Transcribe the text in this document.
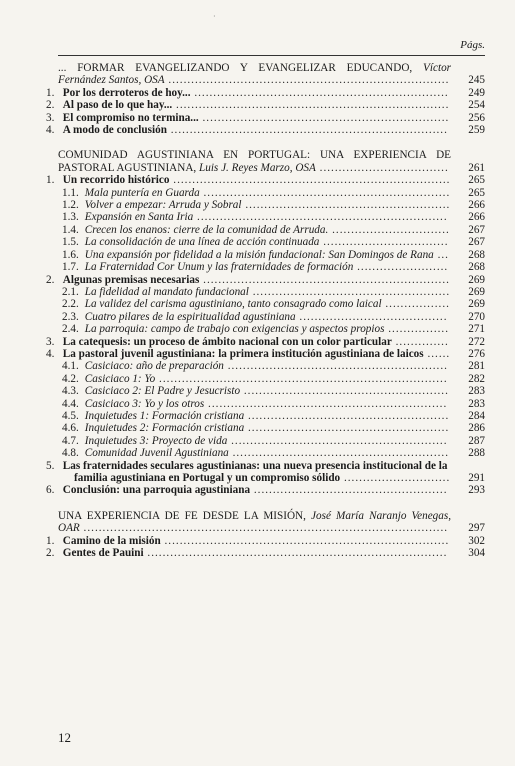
·
Págs.
... FORMAR EVANGELIZANDO Y EVANGELIZAR EDUCANDO, Víctor Fernández Santos, OSA ..........................................................................	245
1. Por los derroteros de hoy... ...................................................................	249
2. Al paso de lo que hay... ........................................................................	254
3. El compromiso no termina... .................................................................	256
4. A modo de conclusión .........................................................................	259
COMUNIDAD AGUSTINIANA EN PORTUGAL: UNA EXPERIENCIA DE PASTORAL AGUSTINIANA, Luis J. Reyes Marzo, OSA ..................................	261
1. Un recorrido histórico .........................................................................	265
1.1. Mala puntería en Guarda .................................................................	265
1.2. Volver a empezar: Arruda y Sobral ......................................................	266
1.3. Expansión en Santa Iria ..................................................................	266
1.4. Crecen los enanos: cierre de la comunidad de Arruda. ...............................	267
1.5. La consolidación de una línea de acción continuada .................................	267
1.6. Una expansión por fidelidad a la misión fundacional: San Domingos de Rana ...	268
1.7. La Fraternidad Cor Unum y las fraternidades de formación ........................	268
2. Algunas premisas necesarias .................................................................	269
2.1. La fidelidad al mandato fundacional ....................................................	269
2.2. La validez del carisma agustiniano, tanto consagrado como laical .................	269
2.3. Cuatro pilares de la espiritualidad agustiniana .......................................	270
2.4. La parroquia: campo de trabajo con exigencias y aspectos propios ................	271
3. La catequesis: un proceso de ámbito nacional con un color particular ..............	272
4. La pastoral juvenil agustiniana: la primera institución agustiniana de laicos ......	276
4.1. Casiciaco: año de preparación ..........................................................	281
4.2. Casiciaco 1: Yo ............................................................................	282
4.3. Casiciaco 2: El Padre y Jesucristo ......................................................	283
4.4. Casiciaco 3: Yo y los otros ...............................................................	283
4.5. Inquietudes 1: Formación cristiana .....................................................	284
4.6. Inquietudes 2: Formación cristiana .....................................................	286
4.7. Inquietudes 3: Proyecto de vida .........................................................	287
4.8. Comunidad Juvenil Agustiniana .........................................................	288
5. Las fraternidades seculares agustinianas: una nueva presencia institucional de la familia agustiniana en Portugal y un compromiso sólido ............................	291
6. Conclusión: una parroquia agustiniana ...................................................	293
UNA EXPERIENCIA DE FE DESDE LA MISIÓN, José María Naranjo Venegas, OAR ................................................................................................	297
1. Camino de la misión ...........................................................................	302
2. Gentes de Pauini ...............................................................................	304
12
